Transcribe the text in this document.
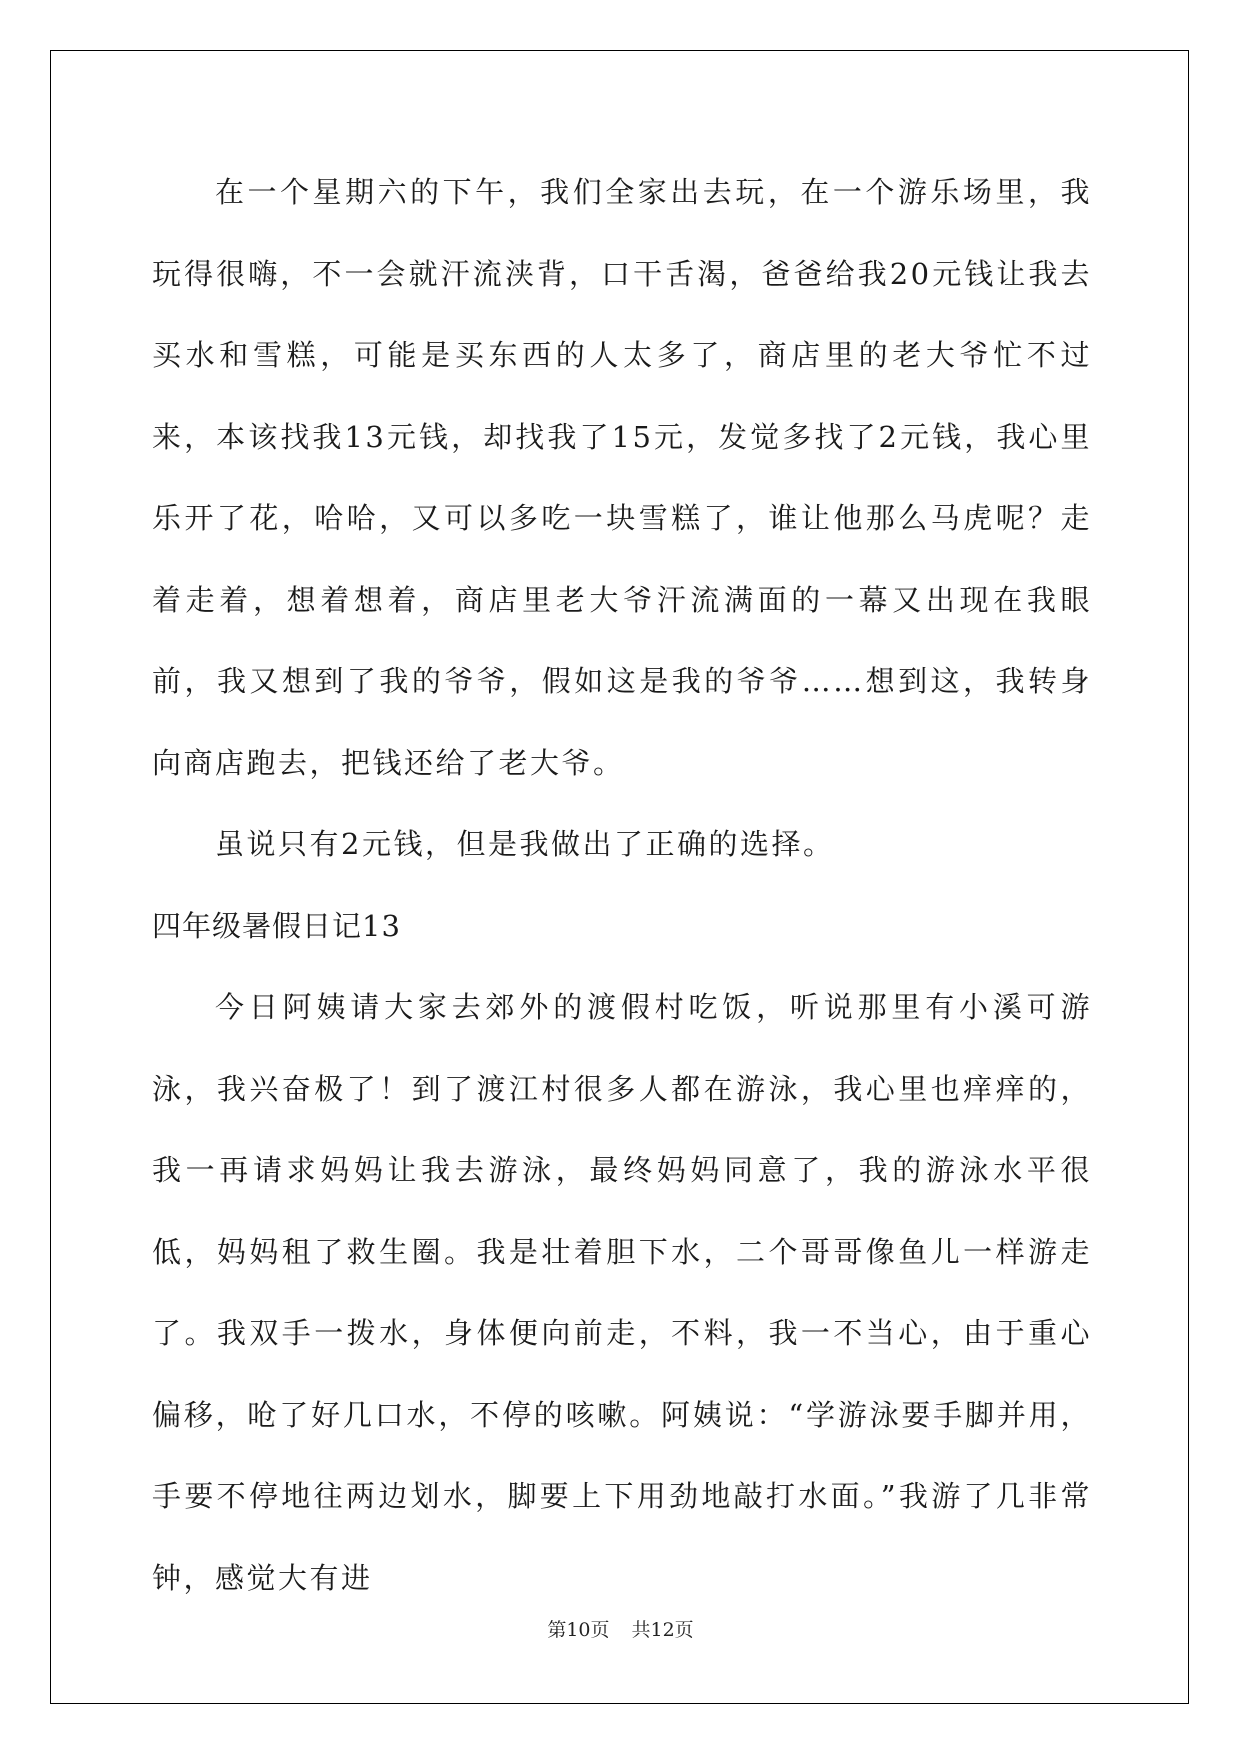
在一个星期六的下午，我们全家出去玩，在一个游乐场里，我玩得很嗨，不一会就汗流浃背，口干舌渴，爸爸给我20元钱让我去买水和雪糕，可能是买东西的人太多了，商店里的老大爷忙不过来，本该找我13元钱，却找我了15元，发觉多找了2元钱，我心里乐开了花，哈哈，又可以多吃一块雪糕了，谁让他那么马虎呢？走着走着，想着想着，商店里老大爷汗流满面的一幕又出现在我眼前，我又想到了我的爷爷，假如这是我的爷爷……想到这，我转身向商店跑去，把钱还给了老大爷。

虽说只有2元钱，但是我做出了正确的选择。

四年级暑假日记13

今日阿姨请大家去郊外的渡假村吃饭，听说那里有小溪可游泳，我兴奋极了！到了渡江村很多人都在游泳，我心里也痒痒的，我一再请求妈妈让我去游泳，最终妈妈同意了，我的游泳水平很低，妈妈租了救生圈。我是壮着胆下水，二个哥哥像鱼儿一样游走了。我双手一拨水，身体便向前走，不料，我一不当心，由于重心偏移，呛了好几口水，不停的咳嗽。阿姨说：“学游泳要手脚并用，手要不停地往两边划水，脚要上下用劲地敲打水面。”我游了几非常钟，感觉大有进

第10页 共12页
